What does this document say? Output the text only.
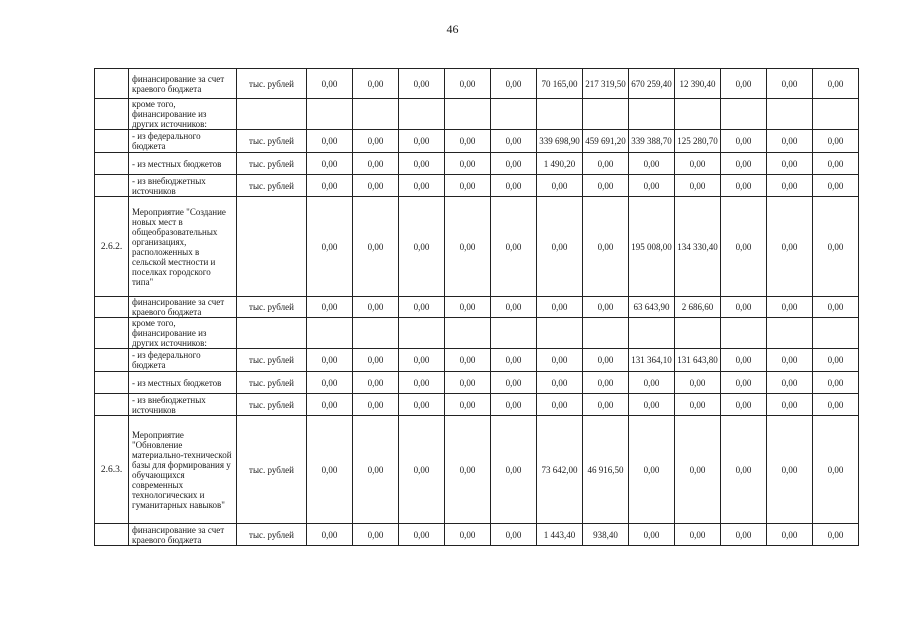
46
	финансирование за счет краевого бюджета	тыс. рублей	0,00	0,00	0,00	0,00	0,00	70 165,00	217 319,50	670 259,40	12 390,40	0,00	0,00	0,00
	кроме того, финансирование из других источников:													
	- из федерального бюджета	тыс. рублей	0,00	0,00	0,00	0,00	0,00	339 698,90	459 691,20	339 388,70	125 280,70	0,00	0,00	0,00
	- из местных бюджетов	тыс. рублей	0,00	0,00	0,00	0,00	0,00	1 490,20	0,00	0,00	0,00	0,00	0,00	0,00
	- из внебюджетных источников	тыс. рублей	0,00	0,00	0,00	0,00	0,00	0,00	0,00	0,00	0,00	0,00	0,00	0,00
2.6.2.	Мероприятие "Создание новых мест в общеобразовательных организациях, расположенных в сельской местности и поселках городского типа"		0,00	0,00	0,00	0,00	0,00	0,00	0,00	195 008,00	134 330,40	0,00	0,00	0,00
	финансирование за счет краевого бюджета	тыс. рублей	0,00	0,00	0,00	0,00	0,00	0,00	0,00	63 643,90	2 686,60	0,00	0,00	0,00
	кроме того, финансирование из других источников:													
	- из федерального бюджета	тыс. рублей	0,00	0,00	0,00	0,00	0,00	0,00	0,00	131 364,10	131 643,80	0,00	0,00	0,00
	- из местных бюджетов	тыс. рублей	0,00	0,00	0,00	0,00	0,00	0,00	0,00	0,00	0,00	0,00	0,00	0,00
	- из внебюджетных источников	тыс. рублей	0,00	0,00	0,00	0,00	0,00	0,00	0,00	0,00	0,00	0,00	0,00	0,00
2.6.3.	Мероприятие "Обновление материально-технической базы для формирования у обучающихся современных технологических и гуманитарных навыков"	тыс. рублей	0,00	0,00	0,00	0,00	0,00	73 642,00	46 916,50	0,00	0,00	0,00	0,00	0,00
	финансирование за счет краевого бюджета	тыс. рублей	0,00	0,00	0,00	0,00	0,00	1 443,40	938,40	0,00	0,00	0,00	0,00	0,00
